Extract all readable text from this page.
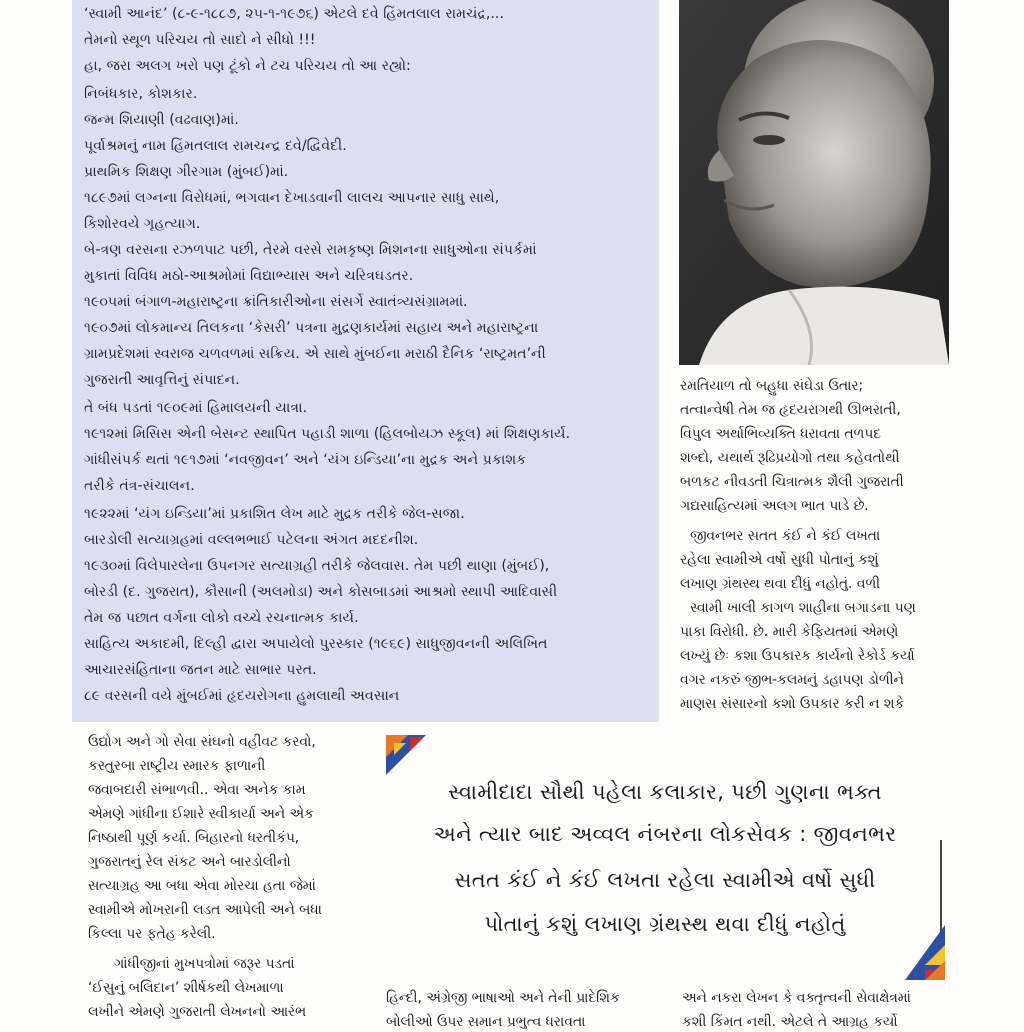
‘સ્વામી આનંદ’ (૮-૯-૧૮૮૭, ૨૫-૧-૧૯૭૬) એટલે દવે હિંમતલાલ રામચંદ્ર,...
તેમનો સ્થૂળ પરિચય તો સાદો ને સીધો !!!
હા, જરા અલગ ખરો પણ ટૂંકો ને ટચ પરિચય તો આ રહ્યો:
નિબંધકાર, કોશકાર.
જન્મ શિયાણી (વઢવાણ)માં.
પૂર્વાશ્રમનું નામ હિંમતલાલ રામચન્દ્ર દવે/દ્વિવેદી.
પ્રાથમિક શિક્ષણ ગીરગામ (મુંબઈ)માં.
૧૮૯૭માં લગ્નના વિરોધમાં, ભગવાન દેખાડવાની લાલચ આપનાર સાધુ સાથે,
કિશોરવયે ગૃહત્યાગ.
બે-ત્રણ વરસના રઝળપાટ પછી, તેરમે વરસે રામકૃષ્ણ મિશનના સાધુઓના સંપર્કમાં
મુકાતાં વિવિધ મઠો-આશ્રમોમાં વિદ્યાભ્યાસ અને ચરિત્રઘડતર.
૧૯૦૫માં બંગાળ-મહારાષ્ટ્રના ક્રાંતિકારીઓના સંસર્ગે સ્વાતંત્ર્યસંગ્રામમાં.
૧૯૦૭માં લોકમાન્ય તિલકના ‘કેસરી’ પત્રના મુદ્રણકાર્યમાં સહાય અને મહારાષ્ટ્રના
ગ્રામપ્રદેશમાં સ્વરાજ ચળવળમાં સક્રિય. એ સાથે મુંબઈના મરાઠી દૈનિક ‘રાષ્ટ્રમત’ની
ગુજરાતી આવૃત્તિનું સંપાદન.
તે બંધ પડતાં ૧૯૦૯માં હિમાલયની યાત્રા.
૧૯૧૨માં મિસિસ એની બેસન્ટ સ્થાપિત પહાડી શાળા (હિલબોયઝ સ્કૂલ) માં શિક્ષણકાર્ય.
ગાંધીસંપર્ક થતાં ૧૯૧૭માં ‘નવજીવન’ અને ‘યંગ ઇન્ડિયા’ના મુદ્રક અને પ્રકાશક
તરીકે તંત્ર-સંચાલન.
૧૯૨૨માં ‘યંગ ઇન્ડિયા’માં પ્રકાશિત લેખ માટે મુદ્રક તરીકે જેલ-સજા.
બારડોલી સત્યાગ્રહમાં વલ્લભભાઈ પટેલના અંગત મદદનીશ.
૧૯૩૦માં વિલેપારલેના ઉપનગર સત્યાગ્રહી તરીકે જેલવાસ. તેમ પછી થાણા (મુંબઈ),
બોરડી (દ. ગુજરાત), કૌસાની (અલમોડા) અને કોસબાડમાં આશ્રમો સ્થાપી આદિવાસી
તેમ જ પછાત વર્ગના લોકો વચ્ચે રચનાત્મક કાર્ય.
સાહિત્ય અકાદમી, દિલ્હી દ્વારા અપાયેલો પુરસ્કાર (૧૯૬૯) સાધુજીવનની અલિખિત
આચારસંહિતાના જતન માટે સાભાર પરત.
૮૯ વરસની વયે મુંબઈમાં હૃદયરોગના હુમલાથી અવસાન
રમતિયાળ તો બહુધા સંઘેડા ઉતાર;
તત્વાન્વેષી તેમ જ હૃદયરાગથી ઊભરાતી,
વિપુલ અર્થાભિવ્યક્તિ ધરાવતા તળપદ
શબ્દો, યથાર્થ રૂઢિપ્રયોગો તથા કહેવતોથી
બળકટ નીવડતી ચિત્રાત્મક શૈલી ગુજરાતી
ગદ્યસાહિત્યમાં અલગ ભાત પાડે છે.
જીવનભર સતત કંઈ ને કંઈ લખતા
રહેલા સ્વામીએ વર્ષો સુધી પોતાનું કશું
લખાણ ગ્રંથસ્થ થવા દીધું નહોતું. વળી
સ્વામી ખાલી કાગળ શાહીના બગાડના પણ
પાકા વિરોધી. છે. મારી કેફિયતમાં એમણે
લખ્યું છેઃ કશા ઉપકારક કાર્યનો રેકોર્ડ કર્યા
વગર નકરું જીભ-કલમનું ડહાપણ ડોળીને
માણસ સંસારનો કશો ઉપકાર કરી ન શકે
ઉદ્યોગ અને ગો સેવા સંઘનો વહીવટ કરવો,
કસ્તુરબા રાષ્ટ્રીય સ્મારક ફાળાની
જવાબદારી સંભાળવી.. એવા અનેક કામ
એમણે ગાંધીના ઈશારે સ્વીકાર્યા અને એક
નિષ્ઠાથી પૂર્ણ કર્યા. બિહારનો ધરતીકંપ,
ગુજરાતનું રેલ સંકટ અને બારડોલીનો
સત્યાગ્રહ આ બધા એવા મોરચા હતા જેમાં
સ્વામીએ મોખરાની લડત આપેલી અને બધા
કિલ્લા પર ફતેહ કરેલી.
ગાંધીજીનાં મુખપત્રોમાં જરૂર પડતાં
‘ઈસુનું બલિદાન’ શીર્ષકથી લેખમાળા
લખીને એમણે ગુજરાતી લેખનનો આરંભ
સ્વામીદાદા સૌથી પહેલા કલાકાર, પછી ગુણના ભક્ત
અને ત્યાર બાદ અવ્વલ નંબરના લોકસેવક : જીવનભર
સતત કંઈ ને કંઈ લખતા રહેલા સ્વામીએ વર્ષો સુધી
પોતાનું કશું લખાણ ગ્રંથસ્થ થવા દીધું નહોતું
હિન્દી, અંગ્રેજી ભાષાઓ અને તેની પ્રાદેશિક
બોલીઓ ઉપર સમાન પ્રભુત્વ ધરાવતા
અને નકરા લેખન કે વક્તૃત્વની સેવાક્ષેત્રમાં
કશી કિંમત નથી. એટલે તે આગ્રહ કર્યો
